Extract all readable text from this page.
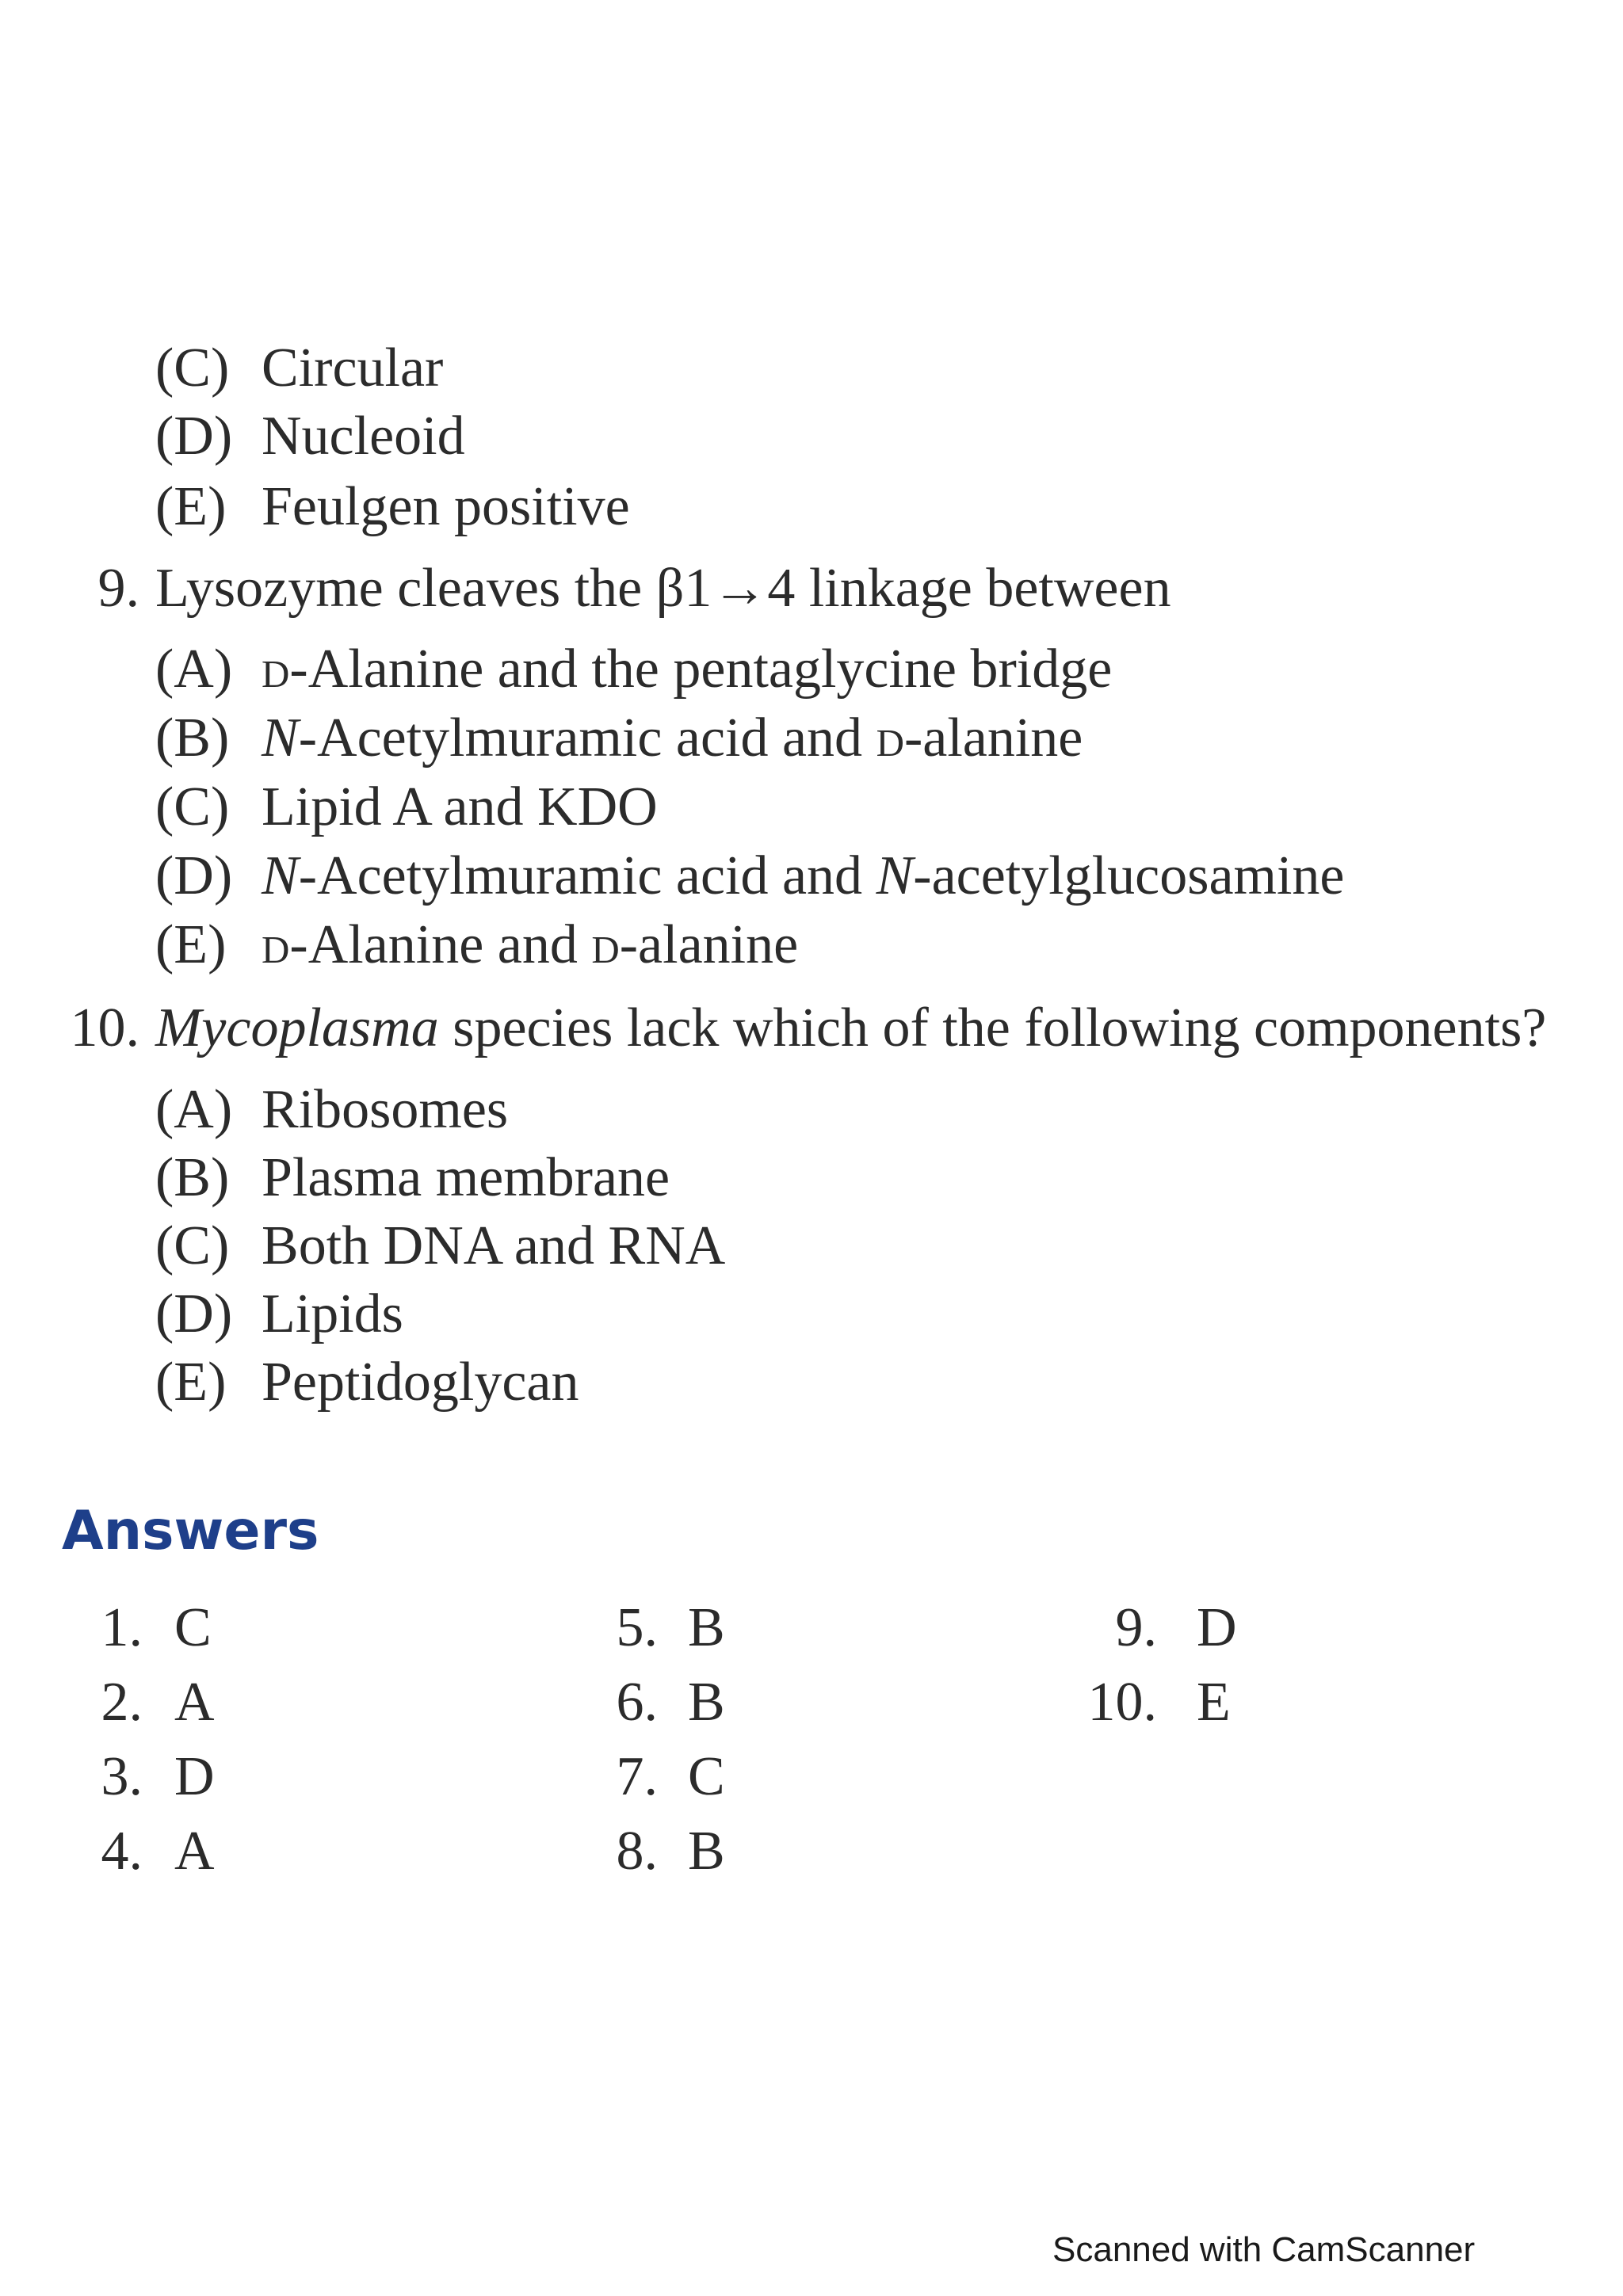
(C) Circular
(D) Nucleoid
(E) Feulgen positive
9. Lysozyme cleaves the β1→4 linkage between
(A) d-Alanine and the pentaglycine bridge
(B) N-Acetylmuramic acid and d-alanine
(C) Lipid A and KDO
(D) N-Acetylmuramic acid and N-acetylglucosamine
(E) d-Alanine and d-alanine
10. Mycoplasma species lack which of the following components?
(A) Ribosomes
(B) Plasma membrane
(C) Both DNA and RNA
(D) Lipids
(E) Peptidoglycan
Answers
1. C
2. A
3. D
4. A
5. B
6. B
7. C
8. B
9. D
10. E
Scanned with CamScanner
